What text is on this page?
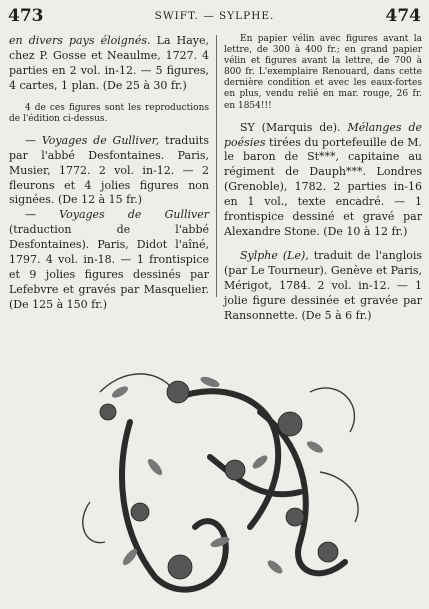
473	SWIFT. — SYLPHE.	474

en divers pays éloignés. La Haye, chez P. Gosse et Neaulme, 1727. 4 parties en 2 vol. in-12. — 5 figures, 4 cartes, 1 plan. (De 25 à 30 fr.)

4 de ces figures sont les reproductions de l'édition ci-dessus.

— Voyages de Gulliver, traduits par l'abbé Desfontaines. Paris, Musier, 1772. 2 vol. in-12. — 2 fleurons et 4 jolies figures non signées. (De 12 à 15 fr.)

— Voyages de Gulliver (traduction de l'abbé Desfontaines). Paris, Didot l'aîné, 1797. 4 vol. in-18. — 1 frontispice et 9 jolies figures dessinés par Lefebvre et gravés par Masquelier. (De 125 à 150 fr.)

En papier vélin avec figures avant la lettre, de 300 à 400 fr.; en grand papier vélin et figures avant la lettre, de 700 à 800 fr. L'exemplaire Renouard, dans cette dernière condition et avec les eaux-fortes en plus, vendu relié en mar. rouge, 26 fr. en 1854!!!

SY (Marquis de). Mélanges de poésies tirées du portefeuille de M. le baron de St***, capitaine au régiment de Dauph***. Londres (Grenoble), 1782. 2 parties in-16 en 1 vol., texte encadré. — 1 frontispice dessiné et gravé par Alexandre Stone. (De 10 à 12 fr.)

Sylphe (Le), traduit de l'anglois (par Le Tourneur). Genève et Paris, Mérigot, 1784. 2 vol. in-12. — 1 jolie figure dessinée et gravée par Ransonnette. (De 5 à 6 fr.)
